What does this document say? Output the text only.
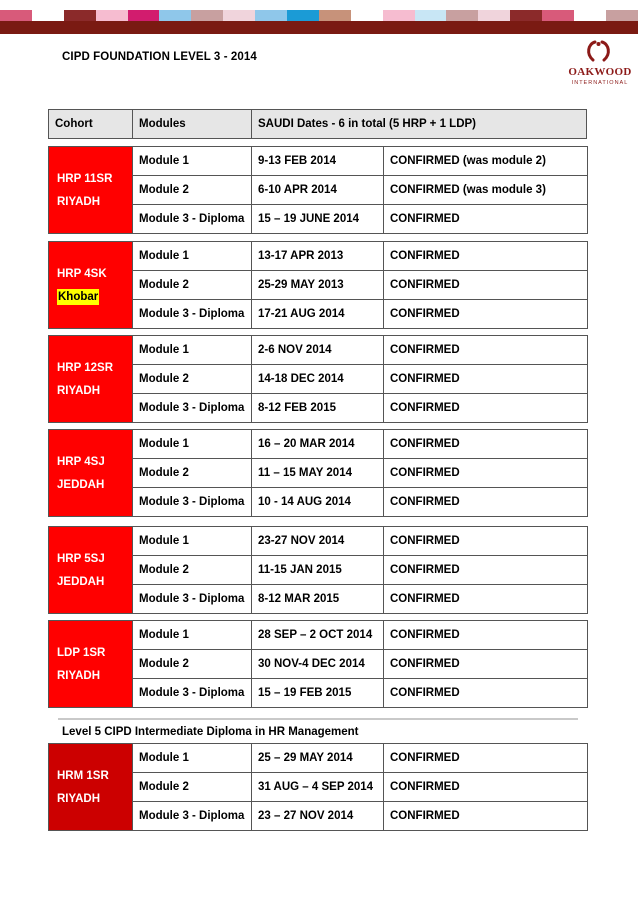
CIPD FOUNDATION LEVEL 3 - 2014
OAKWOOD
INTERNATIONAL
Cohort	Modules	SAUDI Dates - 6 in total (5 HRP + 1 LDP)
HRP 11SR
RIYADH	Module 1	9-13 FEB 2014	CONFIRMED (was module 2)
	Module 2	6-10 APR 2014	CONFIRMED (was module 3)
	Module 3 - Diploma	15 – 19 JUNE 2014	CONFIRMED
HRP 4SK
Khobar	Module 1	13-17 APR 2013	CONFIRMED
	Module 2	25-29 MAY 2013	CONFIRMED
	Module 3 - Diploma	17-21 AUG 2014	CONFIRMED
HRP 12SR
RIYADH	Module 1	2-6 NOV 2014	CONFIRMED
	Module 2	14-18 DEC 2014	CONFIRMED
	Module 3 - Diploma	8-12 FEB 2015	CONFIRMED
HRP 4SJ
JEDDAH	Module 1	16 – 20 MAR 2014	CONFIRMED
	Module 2	11 – 15 MAY 2014	CONFIRMED
	Module 3 - Diploma	10 - 14 AUG 2014	CONFIRMED
HRP 5SJ
JEDDAH	Module 1	23-27 NOV 2014	CONFIRMED
	Module 2	11-15 JAN 2015	CONFIRMED
	Module 3 - Diploma	8-12 MAR 2015	CONFIRMED
LDP 1SR
RIYADH	Module 1	28 SEP – 2 OCT 2014	CONFIRMED
	Module 2	30 NOV-4 DEC 2014	CONFIRMED
	Module 3 - Diploma	15 – 19 FEB 2015	CONFIRMED
Level 5 CIPD Intermediate Diploma in HR Management
HRM 1SR
RIYADH	Module 1	25 – 29 MAY 2014	CONFIRMED
	Module 2	31 AUG – 4 SEP 2014	CONFIRMED
	Module 3 - Diploma	23 – 27 NOV 2014	CONFIRMED
